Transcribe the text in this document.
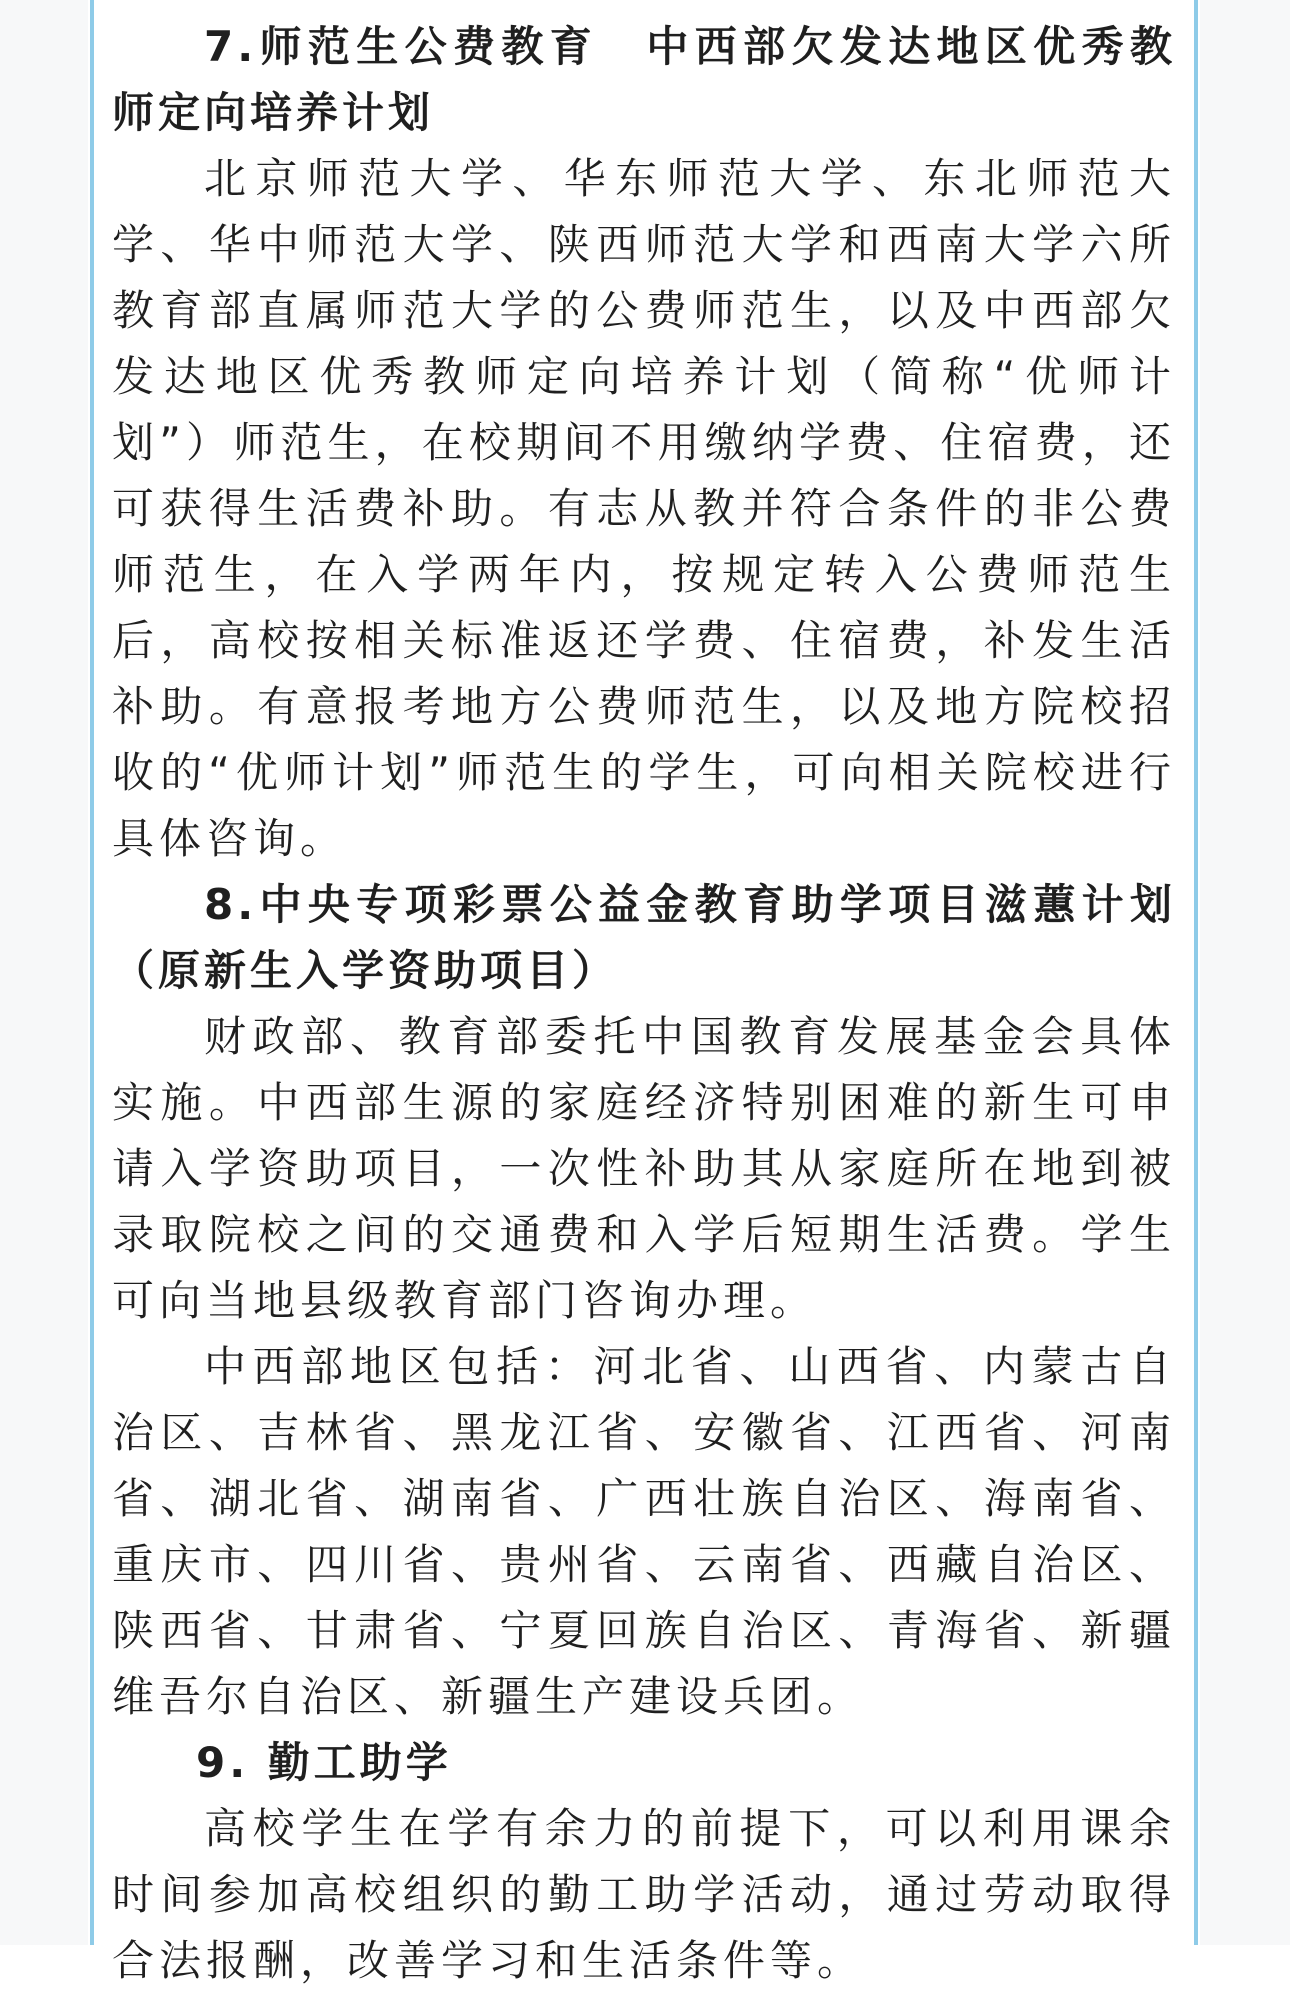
7.师范生公费教育　中西部欠发达地区优秀教师定向培养计划

北京师范大学、华东师范大学、东北师范大学、华中师范大学、陕西师范大学和西南大学六所教育部直属师范大学的公费师范生，以及中西部欠发达地区优秀教师定向培养计划（简称“优师计划”）师范生，在校期间不用缴纳学费、住宿费，还可获得生活费补助。有志从教并符合条件的非公费师范生，在入学两年内，按规定转入公费师范生后，高校按相关标准返还学费、住宿费，补发生活补助。有意报考地方公费师范生，以及地方院校招收的“优师计划”师范生的学生，可向相关院校进行具体咨询。

8.中央专项彩票公益金教育助学项目滋蕙计划（原新生入学资助项目）

财政部、教育部委托中国教育发展基金会具体实施。中西部生源的家庭经济特别困难的新生可申请入学资助项目，一次性补助其从家庭所在地到被录取院校之间的交通费和入学后短期生活费。学生可向当地县级教育部门咨询办理。

中西部地区包括：河北省、山西省、内蒙古自治区、吉林省、黑龙江省、安徽省、江西省、河南省、湖北省、湖南省、广西壮族自治区、海南省、重庆市、四川省、贵州省、云南省、西藏自治区、陕西省、甘肃省、宁夏回族自治区、青海省、新疆维吾尔自治区、新疆生产建设兵团。

9. 勤工助学

高校学生在学有余力的前提下，可以利用课余时间参加高校组织的勤工助学活动，通过劳动取得合法报酬，改善学习和生活条件等。
